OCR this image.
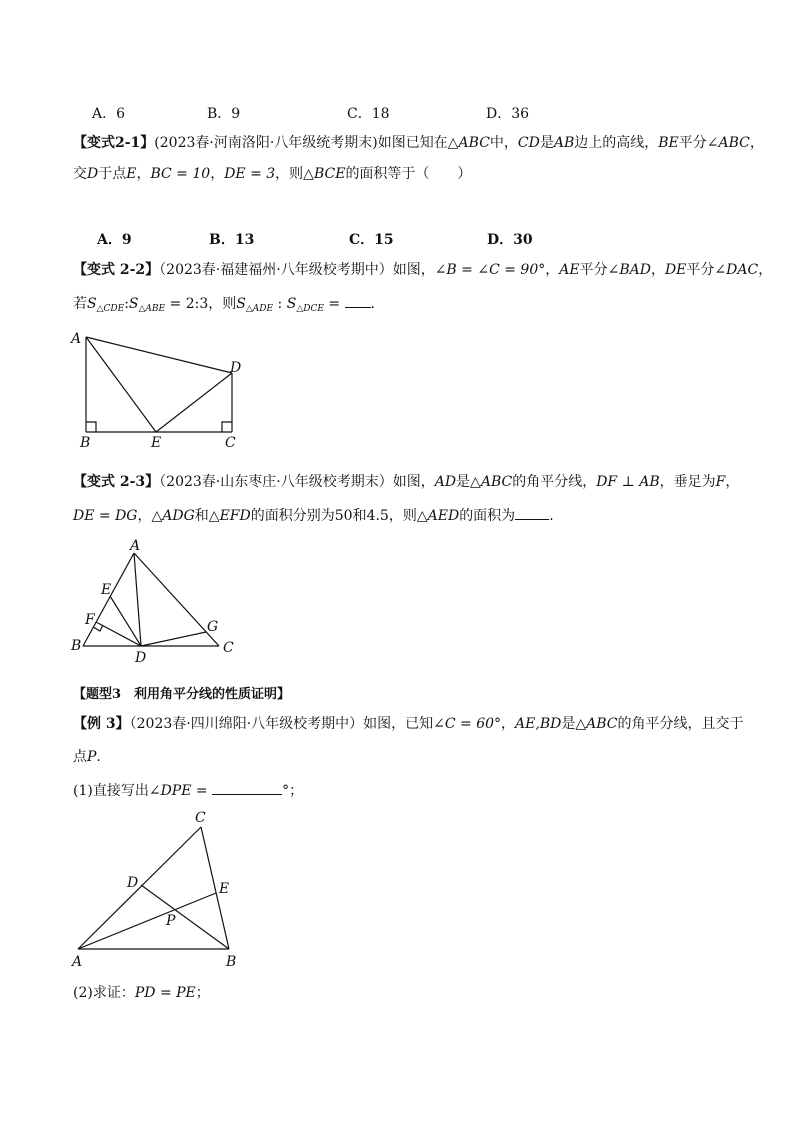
A．6	B．9	C．18	D．36
【变式2-1】(2023春·河南洛阳·八年级统考期末)如图已知在△ABC中，CD是AB边上的高线，BE平分∠ABC，
交D于点E，BC = 10，DE = 3，则△BCE的面积等于（　　）
A．9	B．13	C．15	D．30
【变式 2-2】（2023春·福建福州·八年级校考期中）如图，∠B = ∠C = 90°，AE平分∠BAD，DE平分∠DAC，
若$S_{\triangle CDE}:S_{\triangle ABE}$ = 2:3，则$S_{\triangle ADE}$ : $S_{\triangle DCE}$ = .
A
B	E	C
D
【变式 2-3】（2023春·山东枣庄·八年级校考期末）如图，AD是△ABC的角平分线，DF ⊥ AB，垂足为F，
DE = DG，△ADG和△EFD的面积分别为50和4.5，则△AED的面积为 .
A
E
F
B
D
G
C
【题型3　利用角平分线的性质证明】
【例 3】（2023春·四川绵阳·八年级校考期中）如图，已知∠C = 60°，AE,BD是△ABC的角平分线，且交于
点P.
(1)直接写出∠DPE =	°；
C
D	E
P
A	B
(2)求证：PD = PE；
